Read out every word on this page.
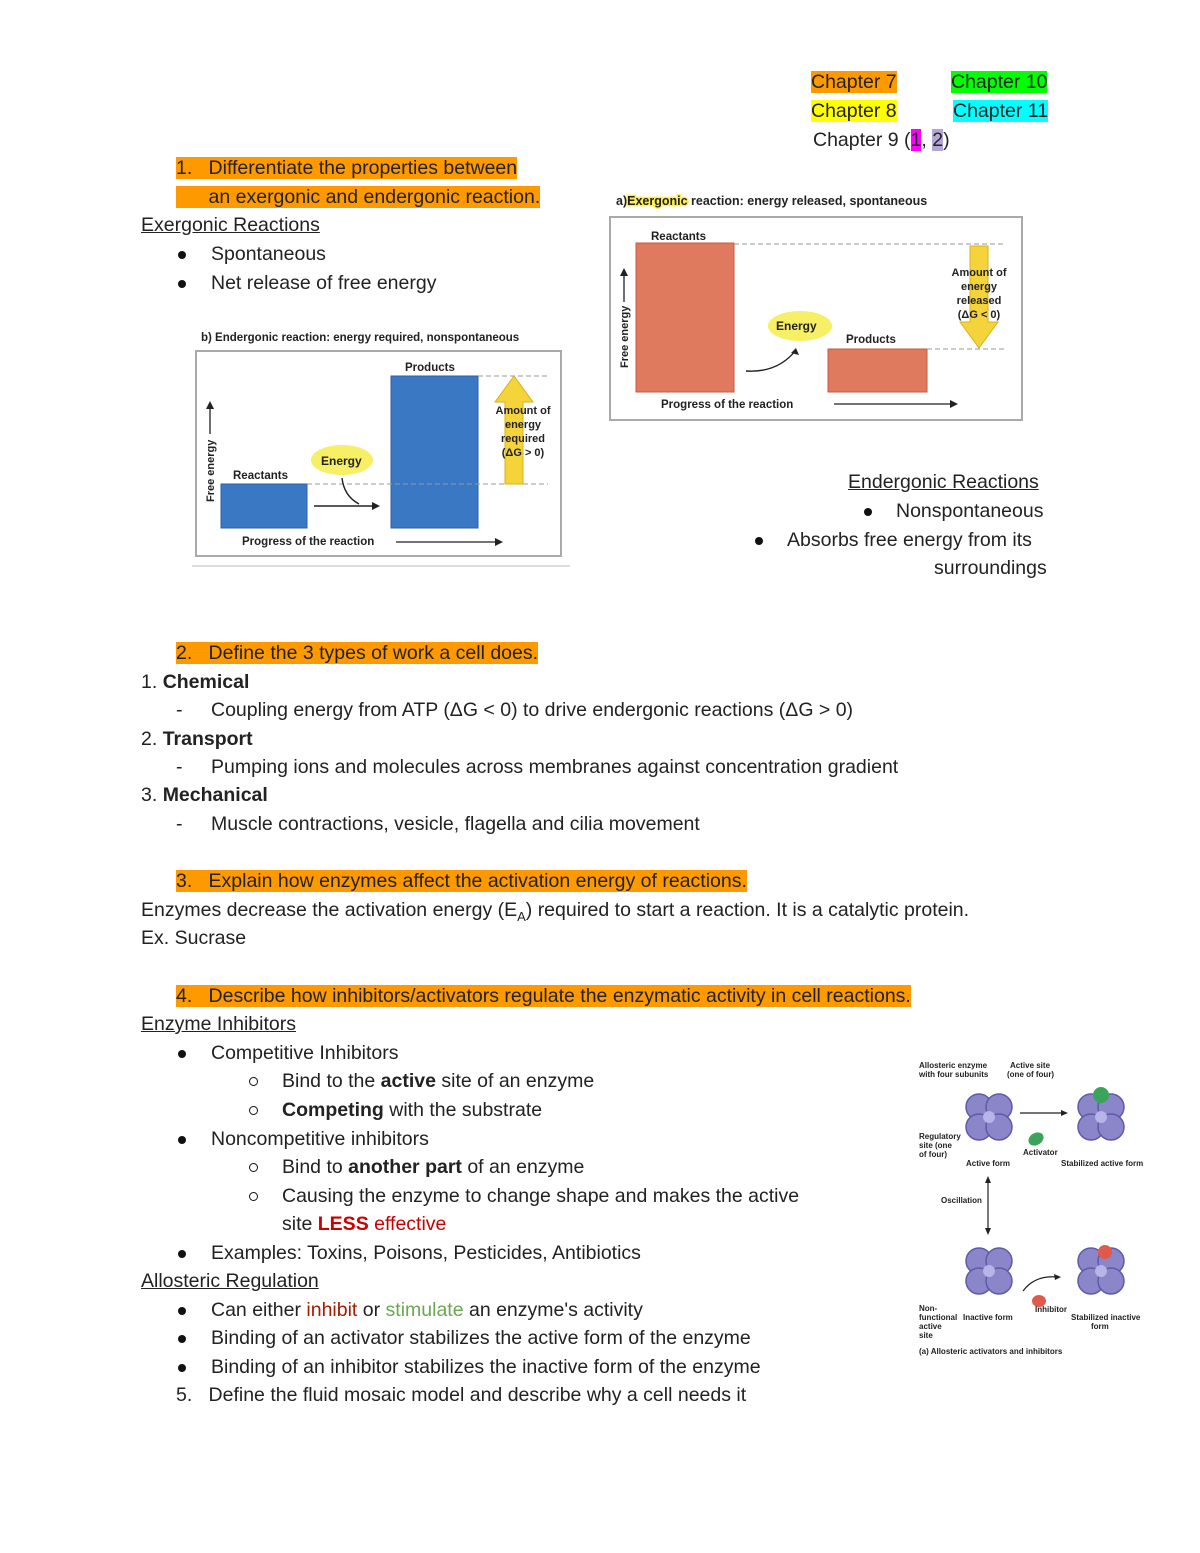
Chapter 7	Chapter 10
Chapter 8	Chapter 11
Chapter 9 (1, 2)
1. Differentiate the properties between
an exergonic and endergonic reaction.
Exergonic Reactions
Spontaneous
Net release of free energy
Endergonic Reactions
Nonspontaneous
Absorbs free energy from its
surroundings
a)Exergonic reaction: energy released, spontaneous
Reactants
Products
Energy
Amount of
energy
released
(ΔG < 0)
Free energy
Progress of the reaction
b) Endergonic reaction: energy required, nonspontaneous
Reactants
Products
Energy
Amount of
energy
required
(ΔG > 0)
Free energy
Progress of the reaction
2. Define the 3 types of work a cell does.
1. Chemical
- Coupling energy from ATP (ΔG < 0) to drive endergonic reactions (ΔG > 0)
2. Transport
- Pumping ions and molecules across membranes against concentration gradient
3. Mechanical
- Muscle contractions, vesicle, flagella and cilia movement
3. Explain how enzymes affect the activation energy of reactions.
Enzymes decrease the activation energy $(E_A)$ required to start a reaction. It is a catalytic protein.
Ex. Sucrase
4. Describe how inhibitors/activators regulate the enzymatic activity in cell reactions.
Enzyme Inhibitors
Competitive Inhibitors
Bind to the active site of an enzyme
Competing with the substrate
Noncompetitive inhibitors
Bind to another part of an enzyme
Causing the enzyme to change shape and makes the active
site LESS effective
Examples: Toxins, Poisons, Pesticides, Antibiotics
Allosteric Regulation
Can either inhibit or stimulate an enzyme's activity
Binding of an activator stabilizes the active form of the enzyme
Binding of an inhibitor stabilizes the inactive form of the enzyme
5. Define the fluid mosaic model and describe why a cell needs it
Allosteric enzyme
with four subunits
Active site
(one of four)
Regulatory
site (one
of four)	Activator
Active form	Stabilized active form
Oscillation
Non-
functional
active
site
Inactive form
Inhibitor
Stabilized inactive
form
(a) Allosteric activators and inhibitors
